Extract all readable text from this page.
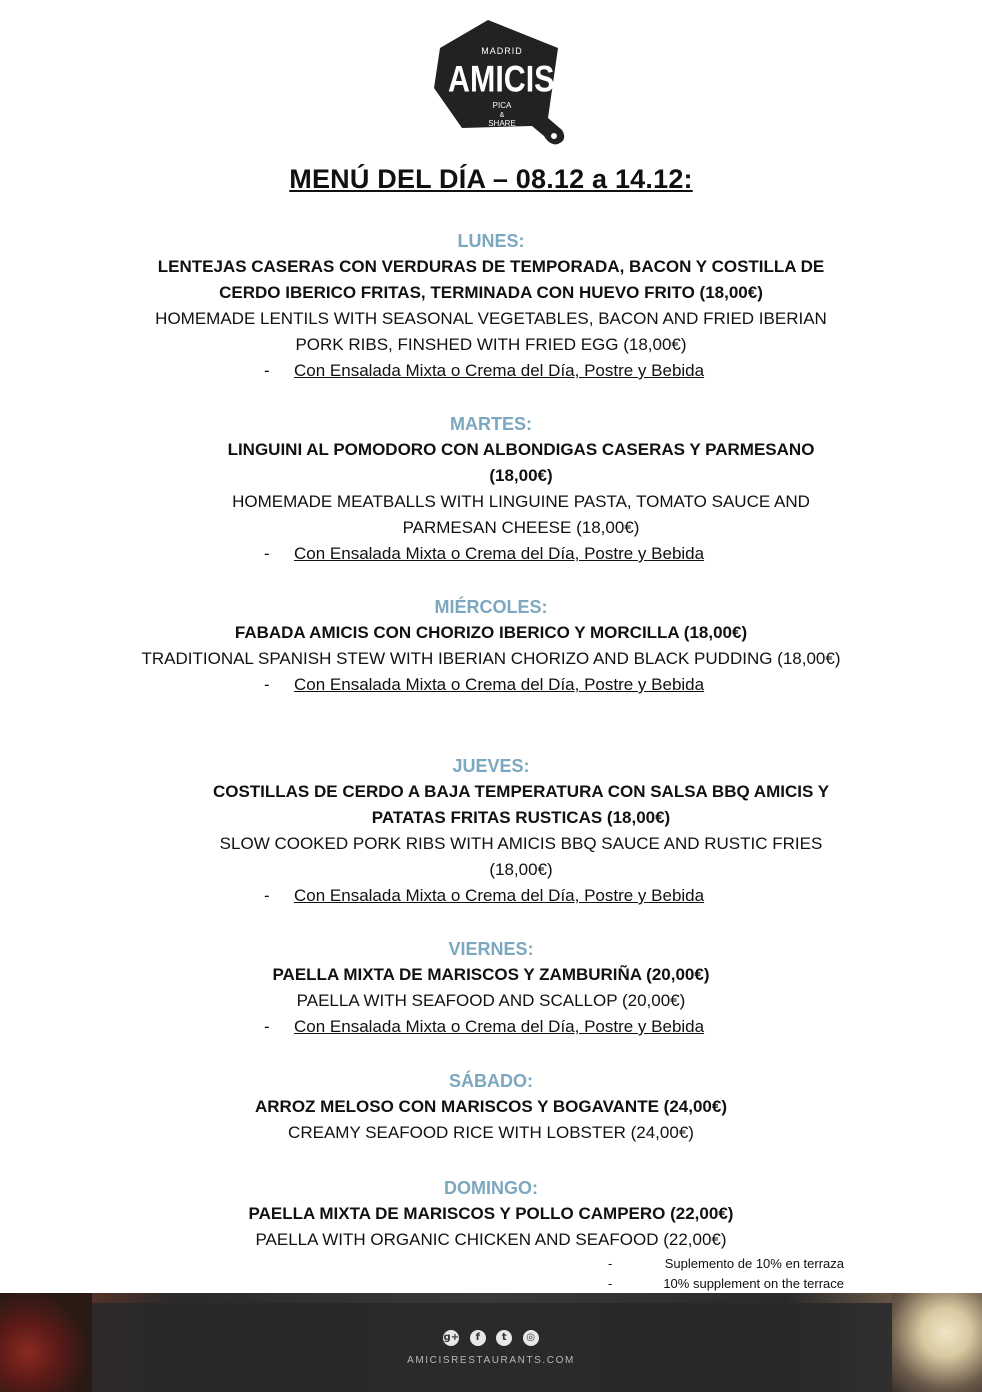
MADRID
AMICIS
PICA
&
SHARE
MENÚ DEL DÍA – 08.12 a 14.12:
LUNES:
LENTEJAS CASERAS CON VERDURAS DE TEMPORADA, BACON Y COSTILLA DE CERDO IBERICO FRITAS, TERMINADA CON HUEVO FRITO (18,00€)
HOMEMADE LENTILS WITH SEASONAL VEGETABLES, BACON AND FRIED IBERIAN PORK RIBS, FINSHED WITH FRIED EGG (18,00€)
- Con Ensalada Mixta o Crema del Día, Postre y Bebida
MARTES:
LINGUINI AL POMODORO CON ALBONDIGAS CASERAS Y PARMESANO (18,00€)
HOMEMADE MEATBALLS WITH LINGUINE PASTA, TOMATO SAUCE AND PARMESAN CHEESE (18,00€)
- Con Ensalada Mixta o Crema del Día, Postre y Bebida
MIÉRCOLES:
FABADA AMICIS CON CHORIZO IBERICO Y MORCILLA (18,00€)
TRADITIONAL SPANISH STEW WITH IBERIAN CHORIZO AND BLACK PUDDING (18,00€)
- Con Ensalada Mixta o Crema del Día, Postre y Bebida
JUEVES:
COSTILLAS DE CERDO A BAJA TEMPERATURA CON SALSA BBQ AMICIS Y PATATAS FRITAS RUSTICAS (18,00€)
SLOW COOKED PORK RIBS WITH AMICIS BBQ SAUCE AND RUSTIC FRIES (18,00€)
- Con Ensalada Mixta o Crema del Día, Postre y Bebida
VIERNES:
PAELLA MIXTA DE MARISCOS Y ZAMBURIÑA (20,00€)
PAELLA WITH SEAFOOD AND SCALLOP (20,00€)
- Con Ensalada Mixta o Crema del Día, Postre y Bebida
SÁBADO:
ARROZ MELOSO CON MARISCOS Y BOGAVANTE (24,00€)
CREAMY SEAFOOD RICE WITH LOBSTER (24,00€)
DOMINGO:
PAELLA MIXTA DE MARISCOS Y POLLO CAMPERO (22,00€)
PAELLA WITH ORGANIC CHICKEN AND SEAFOOD (22,00€)
-	Suplemento de 10% en terraza
-	10% supplement on the terrace
g+ f t ◎
AMICISRESTAURANTS.COM
